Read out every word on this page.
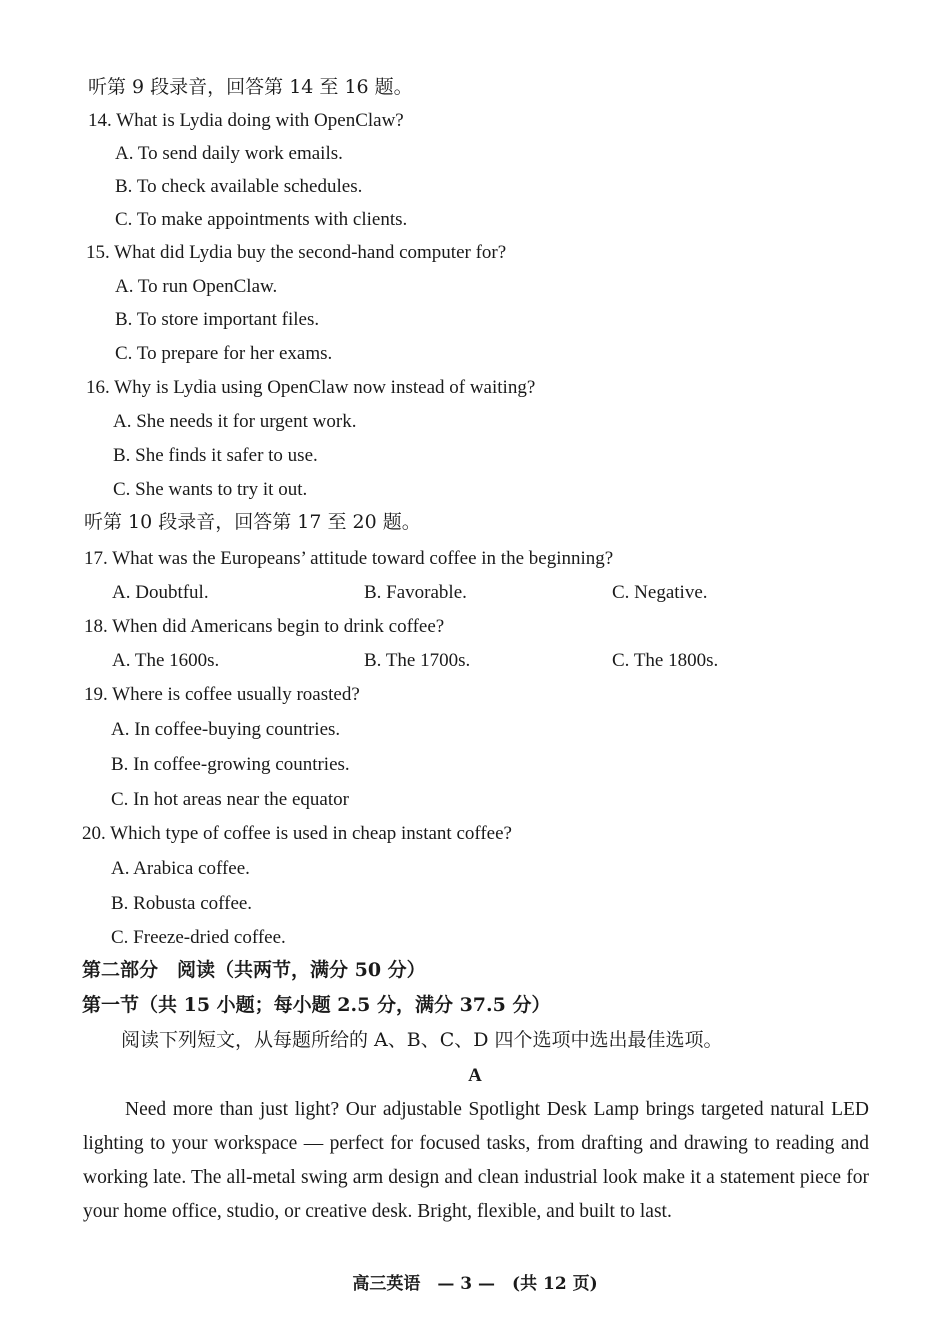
听第 9 段录音，回答第 14 至 16 题。
14. What is Lydia doing with OpenClaw?
A. To send daily work emails.
B. To check available schedules.
C. To make appointments with clients.
15. What did Lydia buy the second-hand computer for?
A. To run OpenClaw.
B. To store important files.
C. To prepare for her exams.
16. Why is Lydia using OpenClaw now instead of waiting?
A. She needs it for urgent work.
B. She finds it safer to use.
C. She wants to try it out.
听第 10 段录音，回答第 17 至 20 题。
17. What was the Europeans’ attitude toward coffee in the beginning?
A. Doubtful.	B. Favorable.	C. Negative.
18. When did Americans begin to drink coffee?
A. The 1600s.	B. The 1700s.	C. The 1800s.
19. Where is coffee usually roasted?
A. In coffee-buying countries.
B. In coffee-growing countries.
C. In hot areas near the equator
20. Which type of coffee is used in cheap instant coffee?
A. Arabica coffee.
B. Robusta coffee.
C. Freeze-dried coffee.
第二部分　阅读（共两节，满分 50 分）
第一节（共 15 小题；每小题 2.5 分，满分 37.5 分）
阅读下列短文，从每题所给的 A、B、C、D 四个选项中选出最佳选项。
A
Need more than just light? Our adjustable Spotlight Desk Lamp brings targeted natural LED lighting to your workspace — perfect for focused tasks, from drafting and drawing to reading and working late. The all-metal swing arm design and clean industrial look make it a statement piece for your home office, studio, or creative desk. Bright, flexible, and built to last.
高三英语　— 3 —　(共 12 页)
